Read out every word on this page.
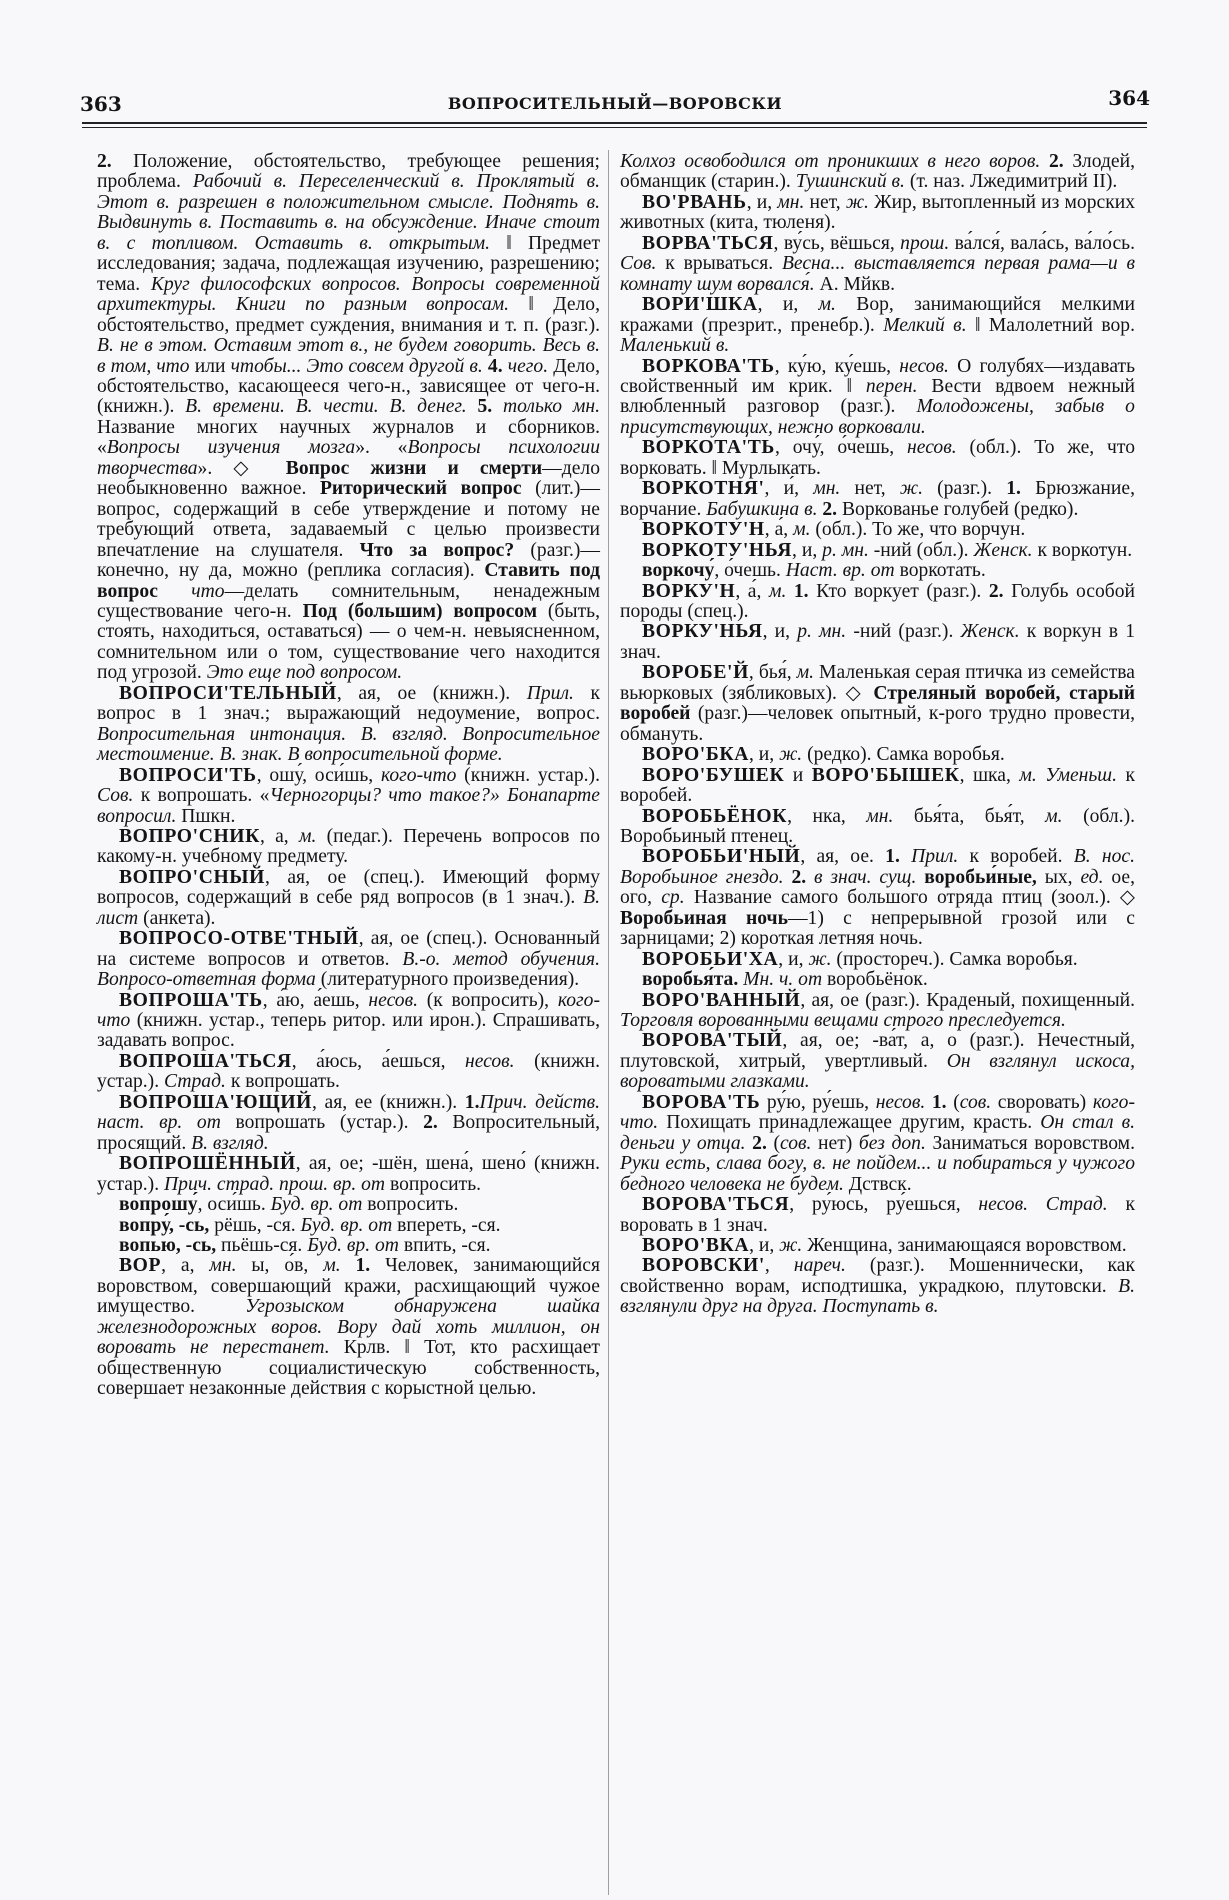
363	ВОПРОСИТЕЛЬНЫЙ—ВОРОВСКИ	364

2. Положение, обстоятельство, требующее решения; проблема. Рабочий в. Переселенческий в. Проклятый в. Этот в. разрешен в положительном смысле. Поднять в. Выдвинуть в. Поставить в. на обсуждение. Иначе стоит в. с топливом. Оставить в. открытым. ‖ Предмет исследования; задача, подлежащая изучению, разрешению; тема. Круг философских вопросов. Вопросы современной архитектуры. Книги по разным вопросам. ‖ Дело, обстоятельство, предмет суждения, внимания и т. п. (разг.). В. не в этом. Оставим этот в., не будем говорить. Весь в. в том, что или чтобы... Это совсем другой в. 4. чего. Дело, обстоятельство, касающееся чего-н., зависящее от чего-н. (книжн.). В. времени. В. чести. В. денег. 5. только мн. Название многих научных журналов и сборников. «Вопросы изучения мозга». «Вопросы психологии творчества». ◇ Вопрос жизни и смерти—дело необыкновенно важное. Риторический вопрос (лит.)—вопрос, содержащий в себе утверждение и потому не требующий ответа, задаваемый с целью произвести впечатление на слушателя. Что за вопрос? (разг.)—конечно, ну да, можно (реплика согласия). Ставить под вопрос что—делать сомнительным, ненадежным существование чего-н. Под (большим) вопросом (быть, стоять, находиться, оставаться) — о чем-н. невыясненном, сомнительном или о том, существование чего находится под угрозой. Это еще под вопросом.

ВОПРОСИ'ТЕЛЬНЫЙ, ая, ое (книжн.). Прил. к вопрос в 1 знач.; выражающий недоумение, вопрос. Вопросительная интонация. В. взгляд. Вопросительное местоимение. В. знак. В вопросительной форме.

ВОПРОСИ'ТЬ, ошу́, оси́шь, кого-что (книжн. устар.). Сов. к вопрошать. «Черногорцы? что такое?» Бонапарте вопросил. Пшкн.

ВОПРО'СНИК, а, м. (педаг.). Перечень вопросов по какому-н. учебному предмету.

ВОПРО'СНЫЙ, ая, ое (спец.). Имеющий форму вопросов, содержащий в себе ряд вопросов (в 1 знач.). В. лист (анкета).

ВОПРОСО-ОТВЕ'ТНЫЙ, ая, ое (спец.). Основанный на системе вопросов и ответов. В.-о. метод обучения. Вопросо-ответная форма (литературного произведения).

ВОПРОША'ТЬ, а́ю, а́ешь, несов. (к вопросить), кого-что (книжн. устар., теперь ритор. или ирон.). Спрашивать, задавать вопрос.

ВОПРОША'ТЬСЯ, а́юсь, а́ешься, несов. (книжн. устар.). Страд. к вопрошать.

ВОПРОША'ЮЩИЙ, ая, ее (книжн.). 1.Прич. действ. наст. вр. от вопрошать (устар.). 2. Вопросительный, просящий. В. взгляд.

ВОПРОШЁННЫЙ, ая, ое; -шён, шена́, шено́ (книжн. устар.). Прич. страд. прош. вр. от вопросить.

вопрошу́, оси́шь. Буд. вр. от вопросить.

вопру́, -сь, рёшь, -ся. Буд. вр. от впереть, -ся.

вопью, -сь, пьёшь-ся. Буд. вр. от впить, -ся.

ВОР, а, мн. ы, о́в, м. 1. Человек, занимающийся воровством, совершающий кражи, расхищающий чужое имущество. Угрозыском обнаружена шайка железнодорожных воров. Вору дай хоть миллион, он воровать не перестанет. Крлв. ‖ Тот, кто расхищает общественную социалистическую собственность, совершает незаконные действия с корыстной целью.

Колхоз освободился от проникших в него воров. 2. Злодей, обманщик (старин.). Тушинский в. (т. наз. Лжедимитрий II).

ВО'РВАНЬ, и, мн. нет, ж. Жир, вытопленный из морских животных (кита, тюленя).

ВОРВА'ТЬСЯ, ву́сь, вёшься, прош. ва́лся́, вала́сь, ва́ло́сь. Сов. к врываться. Весна... выставляется первая рама—и в комнату шум ворвался́. А. Мйкв.

ВОРИ'ШКА, и, м. Вор, занимающийся мелкими кражами (презрит., пренебр.). Мелкий в. ‖ Малолетний вор. Маленький в.

ВОРКОВА'ТЬ, ку́ю, ку́ешь, несов. О голубях—издавать свойственный им крик. ‖ перен. Вести вдвоем нежный влюбленный разговор (разг.). Молодожены, забыв о присутствующих, нежно ворковали.

ВОРКОТА'ТЬ, очу́, о́чешь, несов. (обл.). То же, что ворковать. ‖ Мурлыкать.

ВОРКОТНЯ', и́, мн. нет, ж. (разг.). 1. Брюзжание, ворчание. Бабушкина в. 2. Воркованье голубей (редко).

ВОРКОТУ'Н, а́, м. (обл.). То же, что ворчун.

ВОРКОТУ'НЬЯ, и, р. мн. -ний (обл.). Женск. к воркотун.

воркочу́, о́чешь. Наст. вр. от воркотать.

ВОРКУ'Н, а́, м. 1. Кто воркует (разг.). 2. Голубь особой породы (спец.).

ВОРКУ'НЬЯ, и, р. мн. -ний (разг.). Женск. к воркун в 1 знач.

ВОРОБЕ'Й, бья́, м. Маленькая серая птичка из семейства вьюрковых (зябликовых). ◇ Стреляный воробей, старый воробей (разг.)—человек опытный, к-рого трудно провести, обмануть.

ВОРО'БКА, и, ж. (редко). Самка воробья.

ВОРО'БУШЕК и ВОРО'БЫШЕК, шка, м. Уменьш. к воробей.

ВОРОБЬЁНОК, нка, мн. бья́та, бья́т, м. (обл.). Воробьиный птенец.

ВОРОБЬИ'НЫЙ, ая, ое. 1. Прил. к воробей. В. нос. Воробьиное гнездо. 2. в знач. сущ. воробьи́ные, ых, ед. ое, ого, ср. Название самого большого отряда птиц (зоол.). ◇ Воробьиная ночь—1) с непрерывной грозой или с зарницами; 2) короткая летняя ночь.

ВОРОБЬИ'ХА, и, ж. (простореч.). Самка воробья.

воробья́та. Мн. ч. от воробьёнок.

ВОРО'ВАННЫЙ, ая, ое (разг.). Краденый, похищенный. Торговля ворованными вещами строго преследуется.

ВОРОВА'ТЫЙ, ая, ое; -ва́т, а, о (разг.). Нечестный, плутовской, хитрый, увертливый. Он взглянул искоса, вороватыми глазками.

ВОРОВА'ТЬ ру́ю, ру́ешь, несов. 1. (сов. своровать) кого-что. Похищать принадлежащее другим, красть. Он стал в. деньги у отца. 2. (сов. нет) без доп. Заниматься воровством. Руки есть, слава богу, в. не пойдем... и побираться у чужого бедного человека не будем. Дствск.

ВОРОВА'ТЬСЯ, ру́юсь, ру́ешься, несов. Страд. к воровать в 1 знач.

ВОРО'ВКА, и, ж. Женщина, занимающаяся воровством.

ВОРОВСКИ', нареч. (разг.). Мошеннически, как свойственно ворам, исподтишка, украдкою, плутовски. В. взглянули друг на друга. Поступать в.
